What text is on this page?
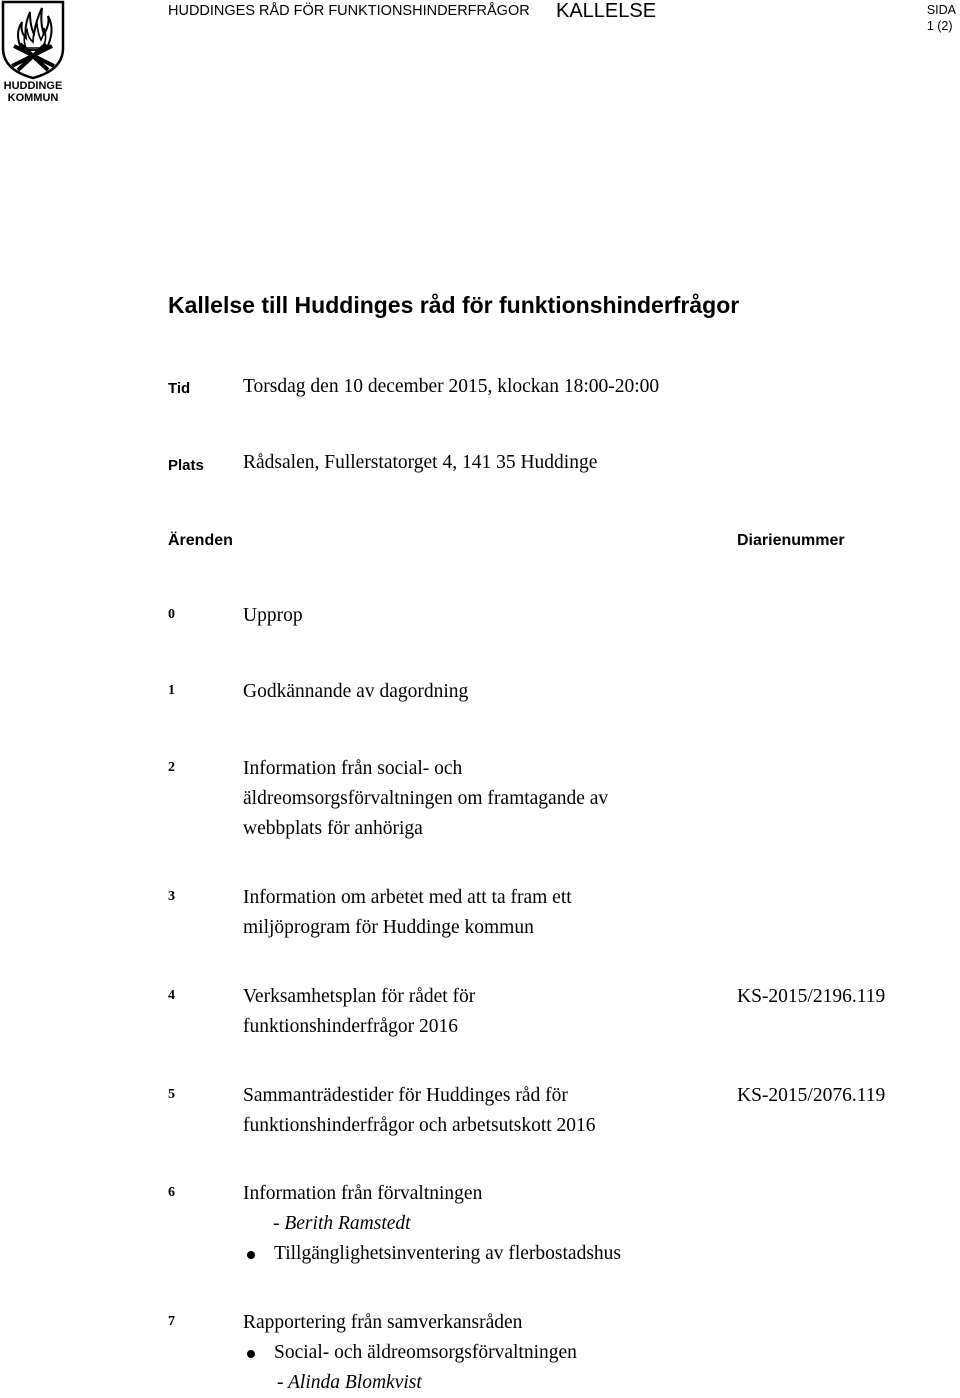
HUDDINGE
KOMMUN
HUDDINGES RÅD FÖR FUNKTIONSHINDERFRÅGOR KALLELSE	SIDA
1 (2)
Kallelse till Huddinges råd för funktionshinderfrågor
Tid	Torsdag den 10 december 2015, klockan 18:00-20:00
Plats Rådsalen, Fullerstatorget 4, 141 35 Huddinge
Ärenden	Diarienummer
0	Upprop
1	Godkännande av dagordning
2	Information från social- och
äldreomsorgsförvaltningen om framtagande av
webbplats för anhöriga
3	Information om arbetet med att ta fram ett
miljöprogram för Huddinge kommun
4	Verksamhetsplan för rådet för
funktionshinderfrågor 2016
KS-2015/2196.119
5	Sammanträdestider för Huddinges råd för
funktionshinderfrågor och arbetsutskott 2016
KS-2015/2076.119
6	Information från förvaltningen
- Berith Ramstedt
Tillgänglighetsinventering av flerbostadshus
7	Rapportering från samverkansråden
Social- och äldreomsorgsförvaltningen
- Alinda Blomkvist
